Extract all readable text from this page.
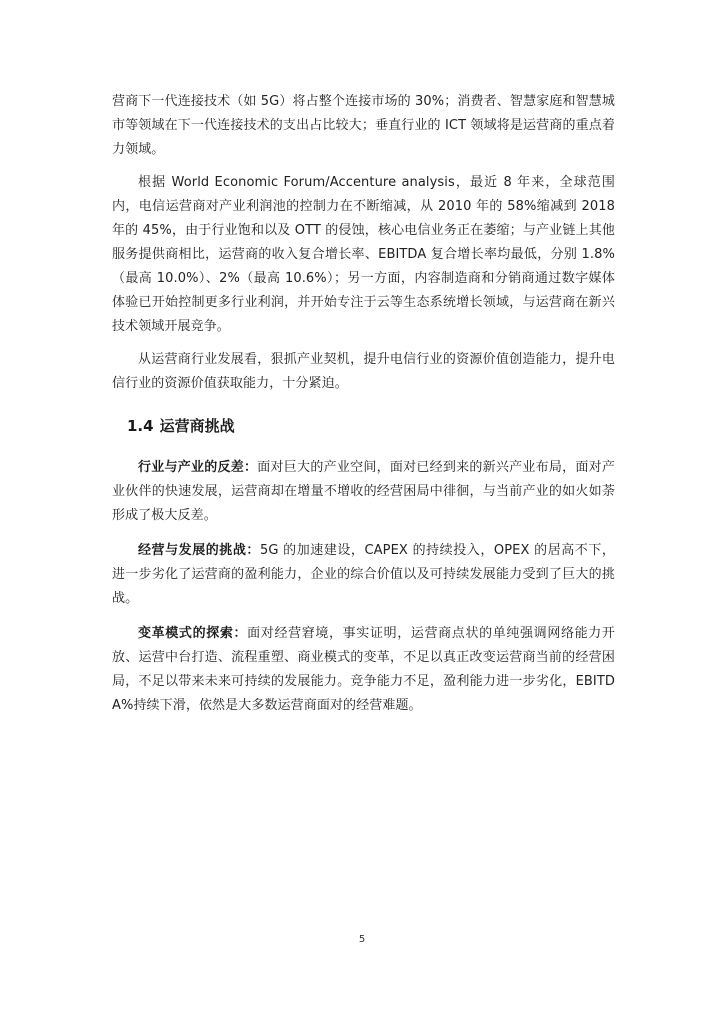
营商下一代连接技术（如 5G）将占整个连接市场的 30%；消费者、智慧家庭和智慧城市等领域在下一代连接技术的支出占比较大；垂直行业的 ICT 领域将是运营商的重点着力领域。

根据 World Economic Forum/Accenture analysis，最近 8 年来，全球范围内，电信运营商对产业利润池的控制力在不断缩减，从 2010 年的 58%缩减到 2018 年的 45%，由于行业饱和以及 OTT 的侵蚀，核心电信业务正在萎缩；与产业链上其他服务提供商相比，运营商的收入复合增长率、EBITDA 复合增长率均最低，分别 1.8%（最高 10.0%）、2%（最高 10.6%）；另一方面，内容制造商和分销商通过数字媒体体验已开始控制更多行业利润，并开始专注于云等生态系统增长领域，与运营商在新兴技术领域开展竞争。

从运营商行业发展看，狠抓产业契机，提升电信行业的资源价值创造能力，提升电信行业的资源价值获取能力，十分紧迫。

1.4 运营商挑战

行业与产业的反差：面对巨大的产业空间，面对已经到来的新兴产业布局，面对产业伙伴的快速发展，运营商却在增量不增收的经营困局中徘徊，与当前产业的如火如荼形成了极大反差。

经营与发展的挑战：5G 的加速建设，CAPEX 的持续投入，OPEX 的居高不下，进一步劣化了运营商的盈利能力，企业的综合价值以及可持续发展能力受到了巨大的挑战。

变革模式的探索：面对经营窘境，事实证明，运营商点状的单纯强调网络能力开放、运营中台打造、流程重塑、商业模式的变革，不足以真正改变运营商当前的经营困局，不足以带来未来可持续的发展能力。竞争能力不足，盈利能力进一步劣化，EBITDA%持续下滑，依然是大多数运营商面对的经营难题。

5
